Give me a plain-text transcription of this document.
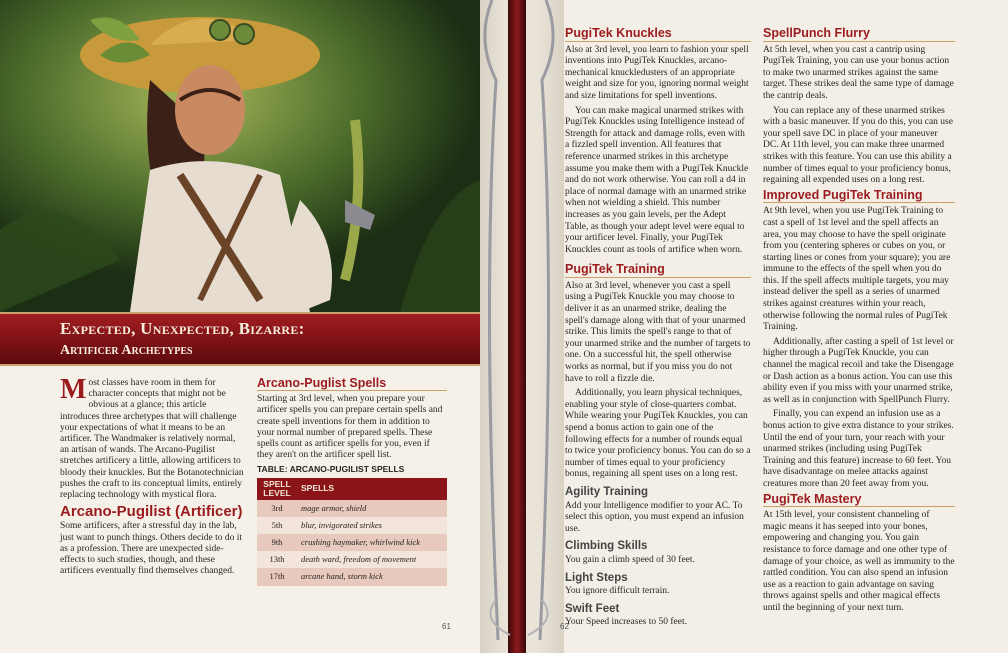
Expected, Unexpected, Bizarre:
Artificer Archetypes

Most classes have room in them for character concepts that might not be obvious at a glance; this article introduces three archetypes that will challenge your expectations of what it means to be an artificer. The Wandmaker is relatively normal, an artisan of wands. The Arcano-Pugilist stretches artificery a little, allowing artificers to bloody their knuckles. But the Botanotechnician pushes the craft to its conceptual limits, entirely replacing technology with mystical flora.

Arcano-Pugilist (Artificer)

Some artificers, after a stressful day in the lab, just want to punch things. Others decide to do it as a profession. There are unexpected side-effects to such studies, though, and these artificers eventually find themselves changed.

Arcano-Puglist Spells

Starting at 3rd level, when you prepare your artificer spells you can prepare certain spells and create spell inventions for them in addition to your normal number of prepared spells. These spells count as artificer spells for you, even if they aren't on the artificer spell list.

TABLE: ARCANO-PUGILIST SPELLS
SPELL LEVEL	SPELLS
3rd	mage armor, shield
5th	blur, invigorated strikes
9th	crushing haymaker, whirlwind kick
13th	death ward, freedom of movement
17th	arcane hand, storm kick
61
PugiTek Knuckles

Also at 3rd level, you learn to fashion your spell inventions into PugiTek Knuckles, arcano-mechanical knuckledusters of an appropriate weight and size for you, ignoring normal weight and size limitations for spell inventions.

You can make magical unarmed strikes with PugiTek Knuckles using Intelligence instead of Strength for attack and damage rolls, even with a fizzled spell invention. All features that reference unarmed strikes in this archetype assume you make them with a PugiTek Knuckle and do not work otherwise. You can roll a d4 in place of normal damage with an unarmed strike when not wielding a shield. This number increases as you gain levels, per the Adept Table, as though your adept level were equal to your artificer level. Finally, your PugiTek Knuckles count as tools of artifice when worn.

PugiTek Training

Also at 3rd level, whenever you cast a spell using a PugiTek Knuckle you may choose to deliver it as an unarmed strike, dealing the spell's damage along with that of your unarmed strike. This limits the spell's range to that of your unarmed strike and the number of targets to one. On a successful hit, the spell otherwise works as normal, but if you miss you do not have to roll a fizzle die.

Additionally, you learn physical techniques, enabling your style of close-quarters combat. While wearing your PugiTek Knuckles, you can spend a bonus action to gain one of the following effects for a number of rounds equal to twice your proficiency bonus. You can do so a number of times equal to your proficiency bonus, regaining all spent uses on a long rest.

Agility Training

Add your Intelligence modifier to your AC. To select this option, you must expend an infusion use.

Climbing Skills

You gain a climb speed of 30 feet.

Light Steps

You ignore difficult terrain.

Swift Feet

Your Speed increases to 50 feet.

SpellPunch Flurry

At 5th level, when you cast a cantrip using PugiTek Training, you can use your bonus action to make two unarmed strikes against the same target. These strikes deal the same type of damage the cantrip deals.

You can replace any of these unarmed strikes with a basic maneuver. If you do this, you can use your spell save DC in place of your maneuver DC. At 11th level, you can make three unarmed strikes with this feature. You can use this ability a number of times equal to your proficiency bonus, regaining all expended uses on a long rest.

Improved PugiTek Training

At 9th level, when you use PugiTek Training to cast a spell of 1st level and the spell affects an area, you may choose to have the spell originate from you (centering spheres or cubes on you, or starting lines or cones from your square); you are immune to the effects of the spell when you do this. If the spell affects multiple targets, you may instead deliver the spell as a series of unarmed strikes against creatures within your reach, otherwise following the normal rules of PugiTek Training.

Additionally, after casting a spell of 1st level or higher through a PugiTek Knuckle, you can channel the magical recoil and take the Disengage or Dash action as a bonus action. You can use this ability even if you miss with your unarmed strike, as well as in conjunction with SpellPunch Flurry.

Finally, you can expend an infusion use as a bonus action to give extra distance to your strikes. Until the end of your turn, your reach with your unarmed strikes (including using PugiTek Training and this feature) increase to 60 feet. You have disadvantage on melee attacks against creatures more than 20 feet away from you.

PugiTek Mastery

At 15th level, your consistent channeling of magic means it has seeped into your bones, empowering and changing you. You gain resistance to force damage and one other type of damage of your choice, as well as immunity to the rattled condition. You can also spend an infusion use as a reaction to gain advantage on saving throws against spells and other magical effects until the beginning of your next turn.

62
